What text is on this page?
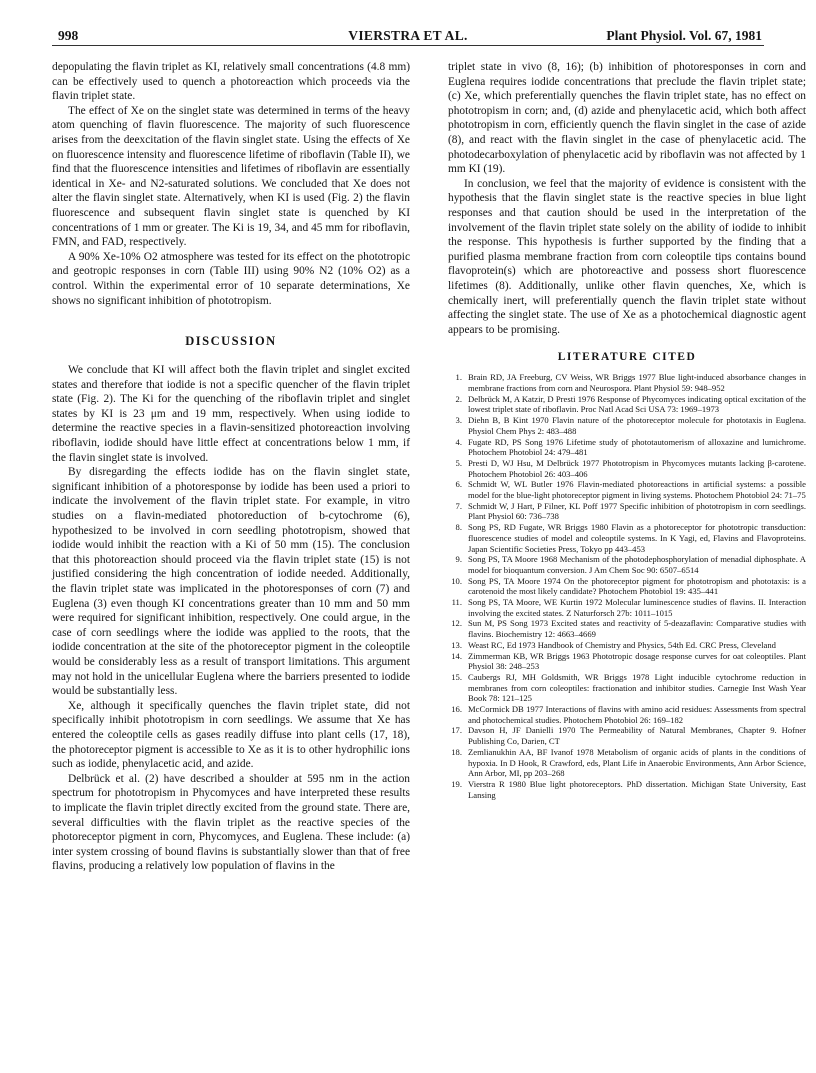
998	VIERSTRA ET AL.	Plant Physiol. Vol. 67, 1981

depopulating the flavin triplet as KI, relatively small concentrations (4.8 mm) can be effectively used to quench a photoreaction which proceeds via the flavin triplet state.

The effect of Xe on the singlet state was determined in terms of the heavy atom quenching of flavin fluorescence. The majority of such fluorescence arises from the deexcitation of the flavin singlet state. Using the effects of Xe on fluorescence intensity and fluorescence lifetime of riboflavin (Table II), we find that the fluorescence intensities and lifetimes of riboflavin are essentially identical in Xe- and N2-saturated solutions. We concluded that Xe does not alter the flavin singlet state. Alternatively, when KI is used (Fig. 2) the flavin fluorescence and subsequent flavin singlet state is quenched by KI concentrations of 1 mm or greater. The Ki is 19, 34, and 45 mm for riboflavin, FMN, and FAD, respectively.

A 90% Xe-10% O2 atmosphere was tested for its effect on the phototropic and geotropic responses in corn (Table III) using 90% N2 (10% O2) as a control. Within the experimental error of 10 separate determinations, Xe shows no significant inhibition of phototropism.

DISCUSSION

We conclude that KI will affect both the flavin triplet and singlet excited states and therefore that iodide is not a specific quencher of the flavin triplet state (Fig. 2). The Ki for the quenching of the riboflavin triplet and singlet states by KI is 23 μm and 19 mm, respectively. When using iodide to determine the reactive species in a flavin-sensitized photoreaction involving riboflavin, iodide should have little effect at concentrations below 1 mm, if the flavin singlet state is involved.

By disregarding the effects iodide has on the flavin singlet state, significant inhibition of a photoresponse by iodide has been used a priori to indicate the involvement of the flavin triplet state. For example, in vitro studies on a flavin-mediated photoreduction of b-cytochrome (6), hypothesized to be involved in corn seedling phototropism, showed that iodide would inhibit the reaction with a Ki of 50 mm (15). The conclusion that this photoreaction should proceed via the flavin triplet state (15) is not justified considering the high concentration of iodide needed. Additionally, the flavin triplet state was implicated in the photoresponses of corn (7) and Euglena (3) even though KI concentrations greater than 10 mm and 50 mm were required for significant inhibition, respectively. One could argue, in the case of corn seedlings where the iodide was applied to the roots, that the iodide concentration at the site of the photoreceptor pigment in the coleoptile would be considerably less as a result of transport limitations. This argument may not hold in the unicellular Euglena where the barriers presented to iodide would be substantially less.

Xe, although it specifically quenches the flavin triplet state, did not specifically inhibit phototropism in corn seedlings. We assume that Xe has entered the coleoptile cells as gases readily diffuse into plant cells (17, 18), the photoreceptor pigment is accessible to Xe as it is to other hydrophilic ions such as iodide, phenylacetic acid, and azide.

Delbrück et al. (2) have described a shoulder at 595 nm in the action spectrum for phototropism in Phycomyces and have interpreted these results to implicate the flavin triplet directly excited from the ground state. There are, several difficulties with the flavin triplet as the reactive species of the photoreceptor pigment in corn, Phycomyces, and Euglena. These include: (a) inter system crossing of bound flavins is substantially slower than that of free flavins, producing a relatively low population of flavins in the

triplet state in vivo (8, 16); (b) inhibition of photoresponses in corn and Euglena requires iodide concentrations that preclude the flavin triplet state; (c) Xe, which preferentially quenches the flavin triplet state, has no effect on phototropism in corn; and, (d) azide and phenylacetic acid, which both affect phototropism in corn, efficiently quench the flavin singlet in the case of azide (8), and react with the flavin singlet in the case of phenylacetic acid. The photodecarboxylation of phenylacetic acid by riboflavin was not affected by 1 mm KI (19).

In conclusion, we feel that the majority of evidence is consistent with the hypothesis that the flavin singlet state is the reactive species in blue light responses and that caution should be used in the interpretation of the involvement of the flavin triplet state solely on the ability of iodide to inhibit the response. This hypothesis is further supported by the finding that a purified plasma membrane fraction from corn coleoptile tips contains bound flavoprotein(s) which are photoreactive and possess short fluorescence lifetimes (8). Additionally, unlike other flavin quenches, Xe, which is chemically inert, will preferentially quench the flavin triplet state without affecting the singlet state. The use of Xe as a photochemical diagnostic agent appears to be promising.

LITERATURE CITED
1. Brain RD, JA Freeburg, CV Weiss, WR Briggs 1977 Blue light-induced absorbance changes in membrane fractions from corn and Neurospora. Plant Physiol 59: 948–952
2. Delbrück M, A Katzir, D Presti 1976 Response of Phycomyces indicating optical excitation of the lowest triplet state of riboflavin. Proc Natl Acad Sci USA 73: 1969–1973
3. Diehn B, B Kint 1970 Flavin nature of the photoreceptor molecule for phototaxis in Euglena. Physiol Chem Phys 2: 483–488
4. Fugate RD, PS Song 1976 Lifetime study of phototautomerism of alloxazine and lumichrome. Photochem Photobiol 24: 479–481
5. Presti D, WJ Hsu, M Delbrück 1977 Phototropism in Phycomyces mutants lacking β-carotene. Photochem Photobiol 26: 403–406
6. Schmidt W, WL Butler 1976 Flavin-mediated photoreactions in artificial systems: a possible model for the blue-light photoreceptor pigment in living systems. Photochem Photobiol 24: 71–75
7. Schmidt W, J Hart, P Filner, KL Poff 1977 Specific inhibition of phototropism in corn seedlings. Plant Physiol 60: 736–738
8. Song PS, RD Fugate, WR Briggs 1980 Flavin as a photoreceptor for phototropic transduction: fluorescence studies of model and coleoptile systems. In K Yagi, ed, Flavins and Flavoproteins. Japan Scientific Societies Press, Tokyo pp 443–453
9. Song PS, TA Moore 1968 Mechanism of the photodephosphorylation of menadial diphosphate. A model for bioquantum conversion. J Am Chem Soc 90: 6507–6514
10. Song PS, TA Moore 1974 On the photoreceptor pigment for phototropism and phototaxis: is a carotenoid the most likely candidate? Photochem Photobiol 19: 435–441
11. Song PS, TA Moore, WE Kurtin 1972 Molecular luminescence studies of flavins. II. Interaction involving the excited states. Z Naturforsch 27b: 1011–1015
12. Sun M, PS Song 1973 Excited states and reactivity of 5-deazaflavin: Comparative studies with flavins. Biochemistry 12: 4663–4669
13. Weast RC, Ed 1973 Handbook of Chemistry and Physics, 54th Ed. CRC Press, Cleveland
14. Zimmerman KB, WR Briggs 1963 Phototropic dosage response curves for oat coleoptiles. Plant Physiol 38: 248–253
15. Caubergs RJ, MH Goldsmith, WR Briggs 1978 Light inducible cytochrome reduction in membranes from corn coleoptiles: fractionation and inhibitor studies. Carnegie Inst Wash Year Book 78: 121–125
16. McCormick DB 1977 Interactions of flavins with amino acid residues: Assessments from spectral and photochemical studies. Photochem Photobiol 26: 169–182
17. Davson H, JF Danielli 1970 The Permeability of Natural Membranes, Chapter 9. Hofner Publishing Co, Darien, CT
18. Zemlianukhin AA, BF Ivanof 1978 Metabolism of organic acids of plants in the conditions of hypoxia. In D Hook, R Crawford, eds, Plant Life in Anaerobic Environments, Ann Arbor Science, Ann Arbor, MI, pp 203–268
19. Vierstra R 1980 Blue light photoreceptors. PhD dissertation. Michigan State University, East Lansing
